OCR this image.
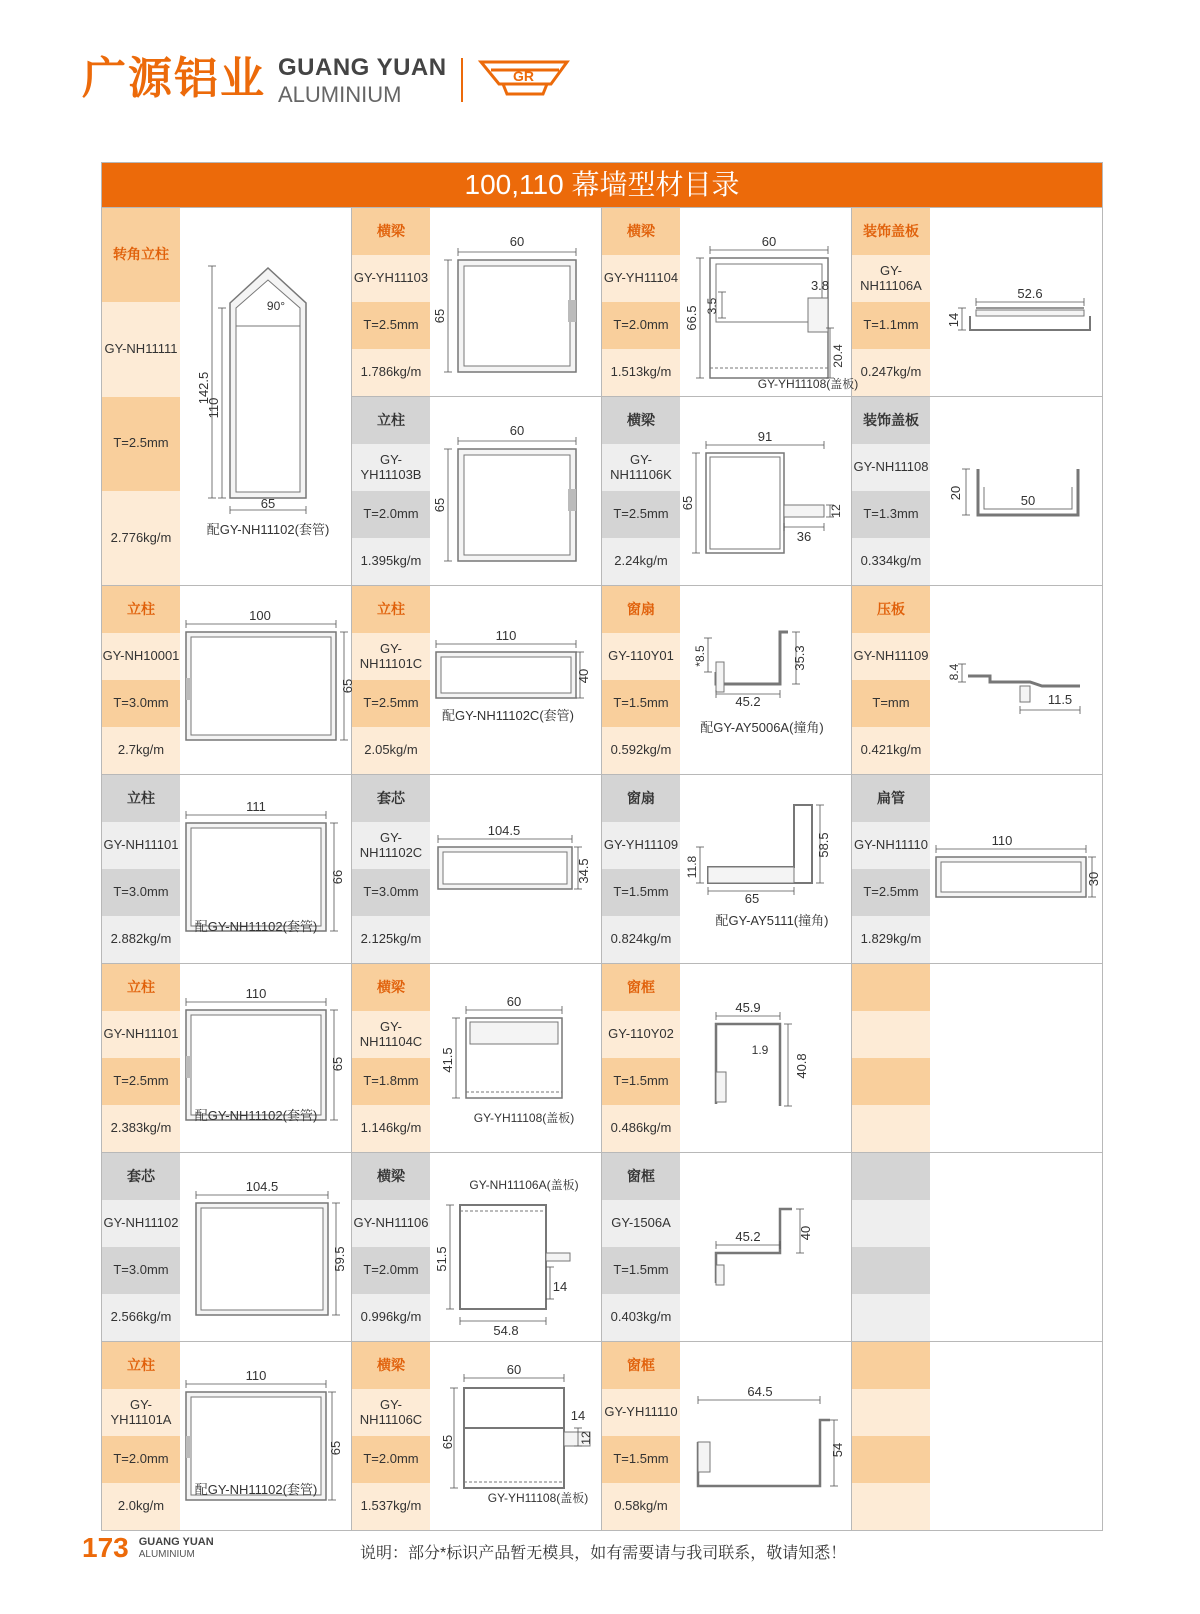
广源铝业 GUANG YUAN
ALUMINIUM
GR
100,110 幕墙型材目录
转角立柱
GY-NH11111
T=2.5mm
2.776kg/m
90°
142.5
110
65
配GY-NH11102(套管)
横梁
GY-YH11103
T=2.5mm
1.786kg/m
60
65
横梁
GY-YH11104
T=2.0mm
1.513kg/m
60
3.8
66.5 3.5
20.4
GY-YH11108(盖板)
装饰盖板
GY-NH11106A
T=1.1mm
0.247kg/m
52.6
14
立柱
GY-YH11103B
T=2.0mm
1.395kg/m
60
65
横梁
GY-NH11106K
T=2.5mm
2.24kg/m
91
65
36
12
装饰盖板
GY-NH11108
T=1.3mm
0.334kg/m
20	50
立柱
GY-NH10001
T=3.0mm
2.7kg/m
100
65
立柱
GY-NH11101C
T=2.5mm
2.05kg/m
110
40
配GY-NH11102C(套管)
窗扇
GY-110Y01
T=1.5mm
0.592kg/m
*8.5	35.3
45.2
配GY-AY5006A(撞角)
压板
GY-NH11109
T=mm
0.421kg/m
8.4
11.5
立柱
GY-NH11101
T=3.0mm
2.882kg/m
111
66
配GY-NH11102(套管)
套芯
GY-NH11102C
T=3.0mm
2.125kg/m
104.5
34.5
窗扇
GY-YH11109
T=1.5mm
0.824kg/m
11.8
58.5
65
配GY-AY5111(撞角)
扁管
GY-NH11110
T=2.5mm
1.829kg/m
110
30
立柱
GY-NH11101
T=2.5mm
2.383kg/m
110
65
配GY-NH11102(套管)
横梁
GY-NH11104C
T=1.8mm
1.146kg/m
60
41.5
GY-YH11108(盖板)
窗框
GY-110Y02
T=1.5mm
0.486kg/m
45.9
1.9
40.8
套芯
GY-NH11102
T=3.0mm
2.566kg/m
104.5
59.5
横梁
GY-NH11106
T=2.0mm
0.996kg/m
GY-NH11106A(盖板)
51.5
14
54.8
窗框
GY-1506A
T=1.5mm
0.403kg/m
45.2	40
立柱
GY-YH11101A
T=2.0mm
2.0kg/m
110
65
配GY-NH11102(套管)
横梁
GY-NH11106C
T=2.0mm
1.537kg/m
60
14
65	12
GY-YH11108(盖板)
窗框
GY-YH11110
T=1.5mm
0.58kg/m
64.5
54
173 GUANG YUAN
ALUMINIUM	说明：部分*标识产品暂无模具，如有需要请与我司联系，敬请知悉！
